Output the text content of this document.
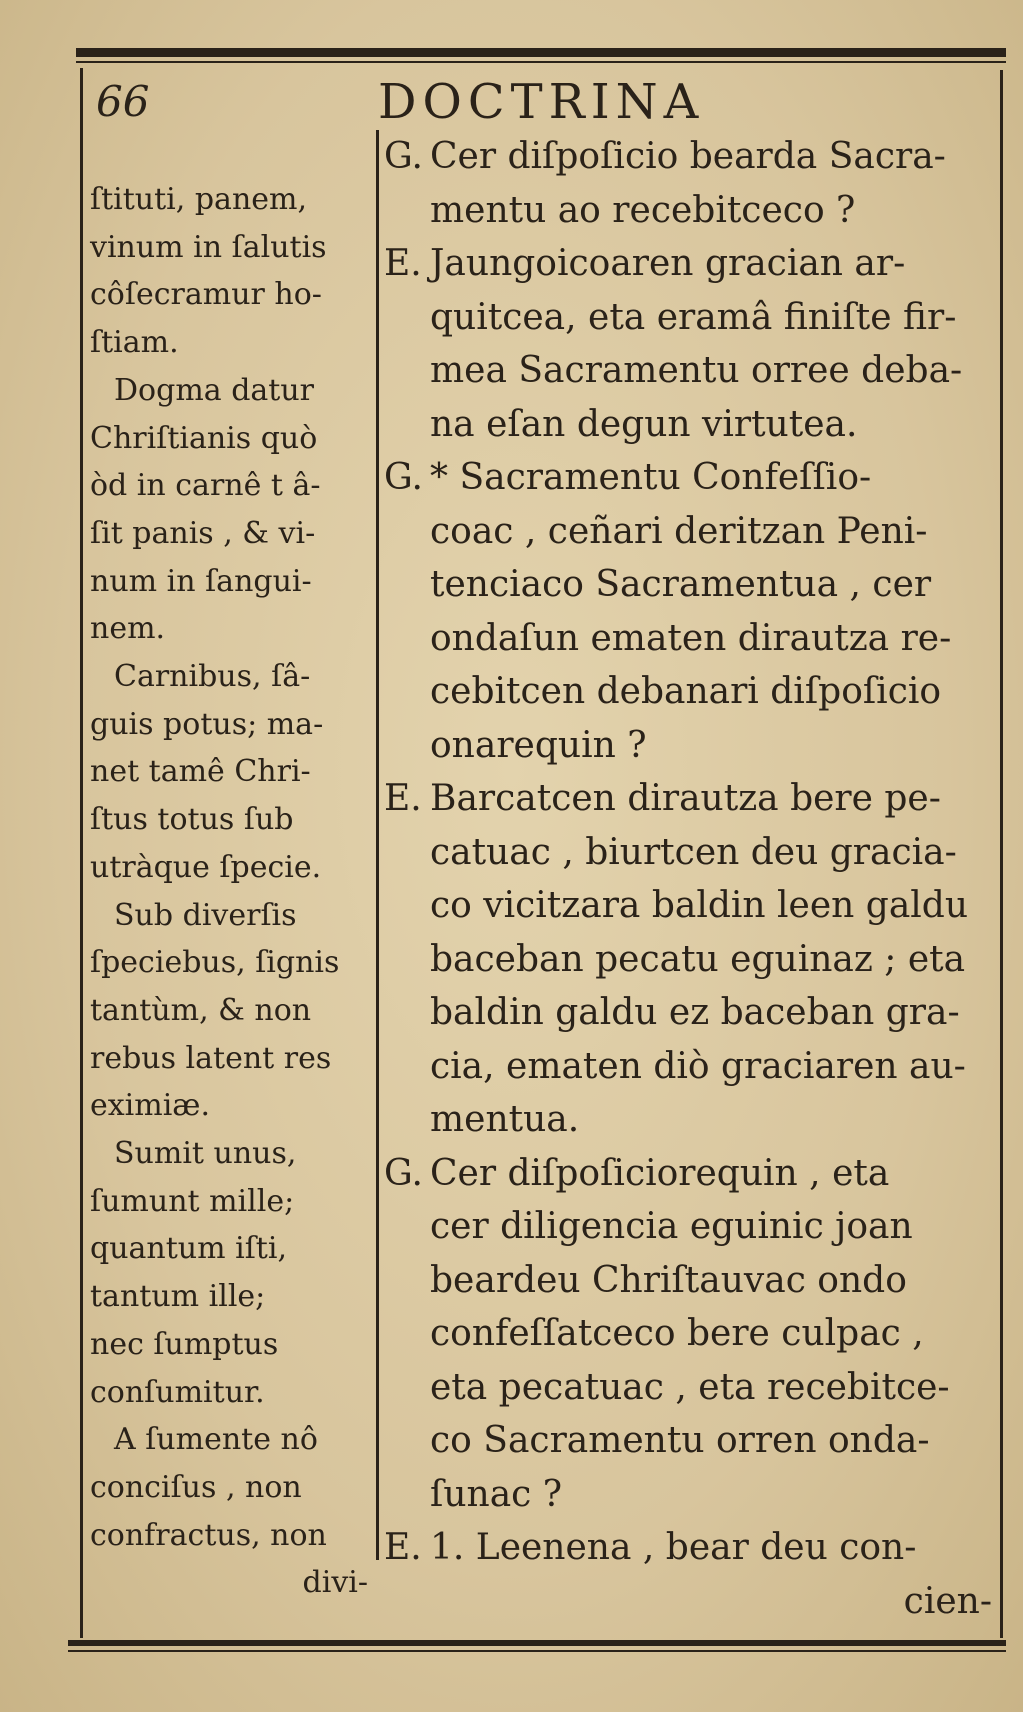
66	DOCTRINA
ſtituti, panem,
vinum in ſalutis
côſecramur ho-
ſtiam.
Dogma datur
Chriſtianis quò
òd in carnê t â-
ſit panis , & vi-
num in ſangui-
nem.
Carnibus, ſâ-
guis potus; ma-
net tamê Chri-
ſtus totus ſub
utràque ſpecie.
Sub diverſis
ſpeciebus, ſignis
tantùm, & non
rebus latent res
eximiæ.
Sumit unus,
ſumunt mille;
quantum iſti,
tantum ille;
nec ſumptus
conſumitur.
A ſumente nô
conciſus , non
confractus, non
divi-
G. Cer diſpoſicio bearda Sacra-
mentu ao recebitceco ?
E. Jaungoicoaren gracian ar-
quitcea, eta eramâ finiſte fir-
mea Sacramentu orree deba-
na eſan degun virtutea.
G. * Sacramentu Confeſſio-
coac , ceñari deritzan Peni-
tenciaco Sacramentua , cer
ondaſun ematen dirautza re-
cebitcen debanari diſpoſicio
onarequin ?
E. Barcatcen dirautza bere pe-
catuac , biurtcen deu gracia-
co vicitzara baldin leen galdu
baceban pecatu eguinaz ; eta
baldin galdu ez baceban gra-
cia, ematen diò graciaren au-
mentua.
G. Cer diſpoſiciorequin , eta
cer diligencia eguinic joan
beardeu Chriſtauvac ondo
confeſſatceco bere culpac ,
eta pecatuac , eta recebitce-
co Sacramentu orren onda-
ſunac ?
E. 1. Leenena , bear deu con-
cien-
